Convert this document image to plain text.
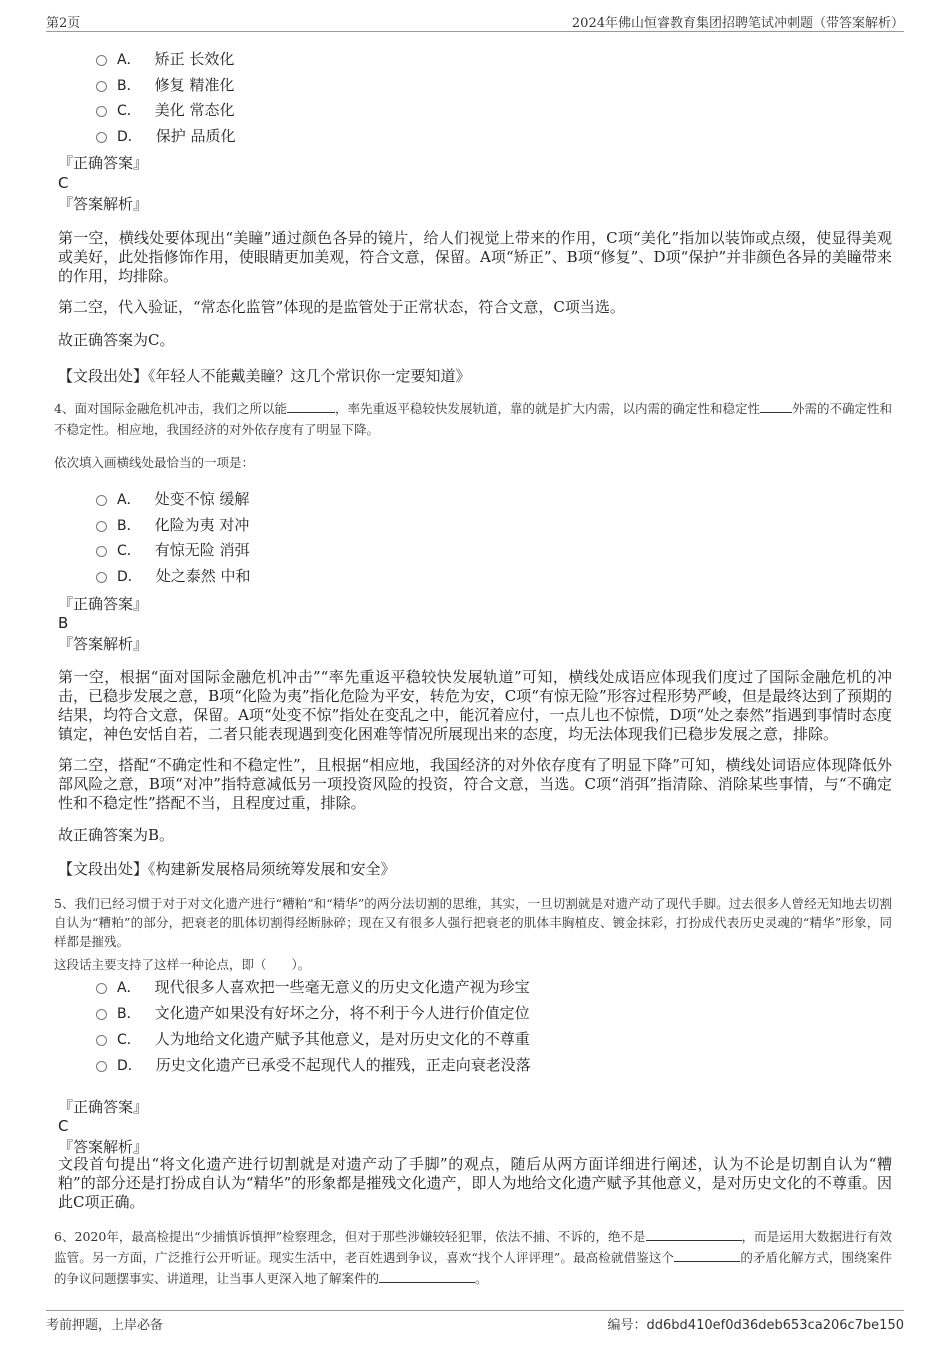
第2页	2024年佛山恒睿教育集团招聘笔试冲刺题（带答案解析）
A． 矫正 长效化
B． 修复 精准化
C． 美化 常态化
D． 保护 品质化
『正确答案』
C
『答案解析』
第一空，横线处要体现出“美瞳”通过颜色各异的镜片，给人们视觉上带来的作用，C项“美化”指加以装饰或点缀，使显得美观或美好，此处指修饰作用，使眼睛更加美观，符合文意，保留。A项“矫正”、B项“修复”、D项“保护”并非颜色各异的美瞳带来的作用，均排除。
第二空，代入验证，“常态化监管”体现的是监管处于正常状态，符合文意，C项当选。
故正确答案为C。
【文段出处】《年轻人不能戴美瞳？这几个常识你一定要知道》
4、面对国际金融危机冲击，我们之所以能	，率先重返平稳较快发展轨道，靠的就是扩大内需，以内需的确定性和稳定性	外需的不确定性和不稳定性。相应地，我国经济的对外依存度有了明显下降。
依次填入画横线处最恰当的一项是：
A． 处变不惊 缓解
B． 化险为夷 对冲
C． 有惊无险 消弭
D． 处之泰然 中和
『正确答案』
B
『答案解析』
第一空，根据“面对国际金融危机冲击”“率先重返平稳较快发展轨道”可知，横线处成语应体现我们度过了国际金融危机的冲击，已稳步发展之意，B项“化险为夷”指化危险为平安，转危为安，C项“有惊无险”形容过程形势严峻，但是最终达到了预期的结果，均符合文意，保留。A项“处变不惊”指处在变乱之中，能沉着应付，一点儿也不惊慌，D项“处之泰然”指遇到事情时态度镇定，神色安恬自若，二者只能表现遇到变化困难等情况所展现出来的态度，均无法体现我们已稳步发展之意，排除。
第二空，搭配“不确定性和不稳定性”，且根据“相应地，我国经济的对外依存度有了明显下降”可知，横线处词语应体现降低外部风险之意，B项“对冲”指特意减低另一项投资风险的投资，符合文意，当选。C项“消弭”指清除、消除某些事情，与“不确定性和不稳定性”搭配不当，且程度过重，排除。
故正确答案为B。
【文段出处】《构建新发展格局须统筹发展和安全》
5、我们已经习惯于对于对文化遗产进行“糟粕”和“精华”的两分法切割的思维，其实，一旦切割就是对遗产动了现代手脚。过去很多人曾经无知地去切割自认为“糟粕”的部分，把衰老的肌体切割得经断脉碎；现在又有很多人强行把衰老的肌体丰胸植皮、镀金抹彩，打扮成代表历史灵魂的“精华”形象，同样都是摧残。
这段话主要支持了这样一种论点，即（　　）。
A． 现代很多人喜欢把一些毫无意义的历史文化遗产视为珍宝
B． 文化遗产如果没有好坏之分，将不利于今人进行价值定位
C． 人为地给文化遗产赋予其他意义，是对历史文化的不尊重
D． 历史文化遗产已承受不起现代人的摧残，正走向衰老没落
『正确答案』
C
『答案解析』
文段首句提出“将文化遗产进行切割就是对遗产动了手脚”的观点，随后从两方面详细进行阐述，认为不论是切割自认为“糟粕”的部分还是打扮成自认为“精华”的形象都是摧残文化遗产，即人为地给文化遗产赋予其他意义，是对历史文化的不尊重。因此C项正确。
6、2020年，最高检提出“少捕慎诉慎押”检察理念，但对于那些涉嫌较轻犯罪，依法不捕、不诉的，绝不是	，而是运用大数据进行有效监管。另一方面，广泛推行公开听证。现实生活中，老百姓遇到争议，喜欢“找个人评评理”。最高检就借鉴这个	的矛盾化解方式，围绕案件的争议问题摆事实、讲道理，让当事人更深入地了解案件的	。
考前押题，上岸必备	编号：dd6bd410ef0d36deb653ca206c7be150
